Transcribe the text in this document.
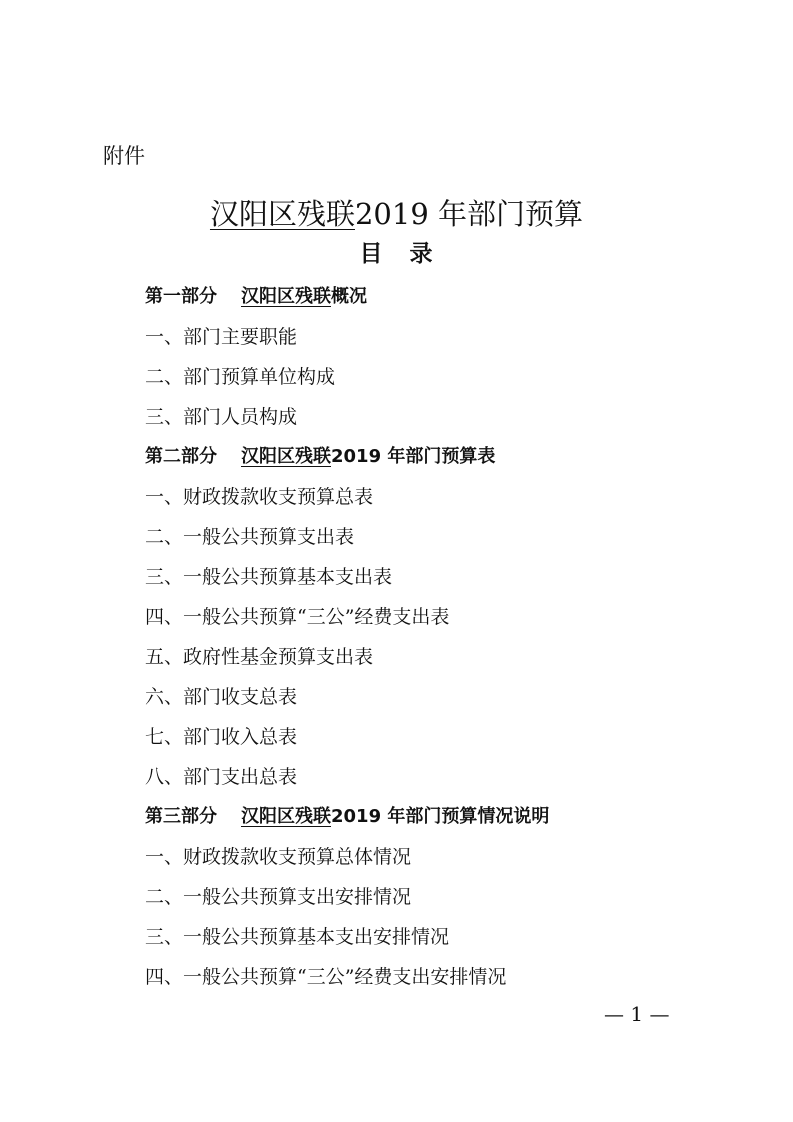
附件
汉阳区残联2019 年部门预算
目 录
第一部分 汉阳区残联概况
一、部门主要职能
二、部门预算单位构成
三、部门人员构成
第二部分 汉阳区残联2019 年部门预算表
一、财政拨款收支预算总表
二、一般公共预算支出表
三、一般公共预算基本支出表
四、一般公共预算“三公”经费支出表
五、政府性基金预算支出表
六、部门收支总表
七、部门收入总表
八、部门支出总表
第三部分 汉阳区残联2019 年部门预算情况说明
一、财政拨款收支预算总体情况
二、一般公共预算支出安排情况
三、一般公共预算基本支出安排情况
四、一般公共预算“三公”经费支出安排情况
— 1 —
